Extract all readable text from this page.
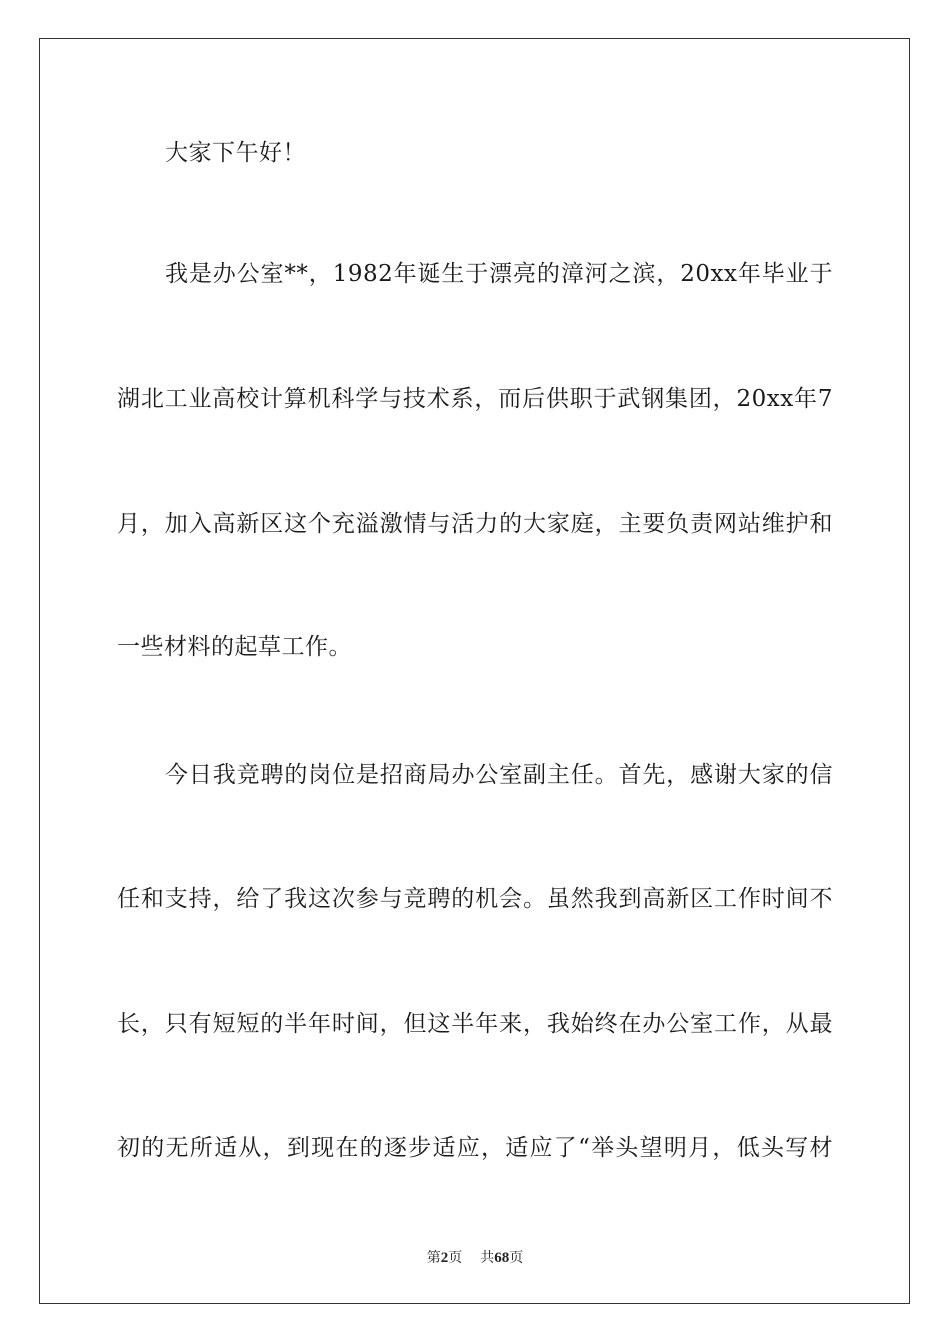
大家下午好！
我是办公室**，1982年诞生于漂亮的漳河之滨，20xx年毕业于
湖北工业高校计算机科学与技术系，而后供职于武钢集团，20xx年7
月，加入高新区这个充溢激情与活力的大家庭，主要负责网站维护和
一些材料的起草工作。
今日我竞聘的岗位是招商局办公室副主任。首先，感谢大家的信
任和支持，给了我这次参与竞聘的机会。虽然我到高新区工作时间不
长，只有短短的半年时间，但这半年来，我始终在办公室工作，从最
初的无所适从，到现在的逐步适应，适应了“举头望明月，低头写材
第2页 共68页
